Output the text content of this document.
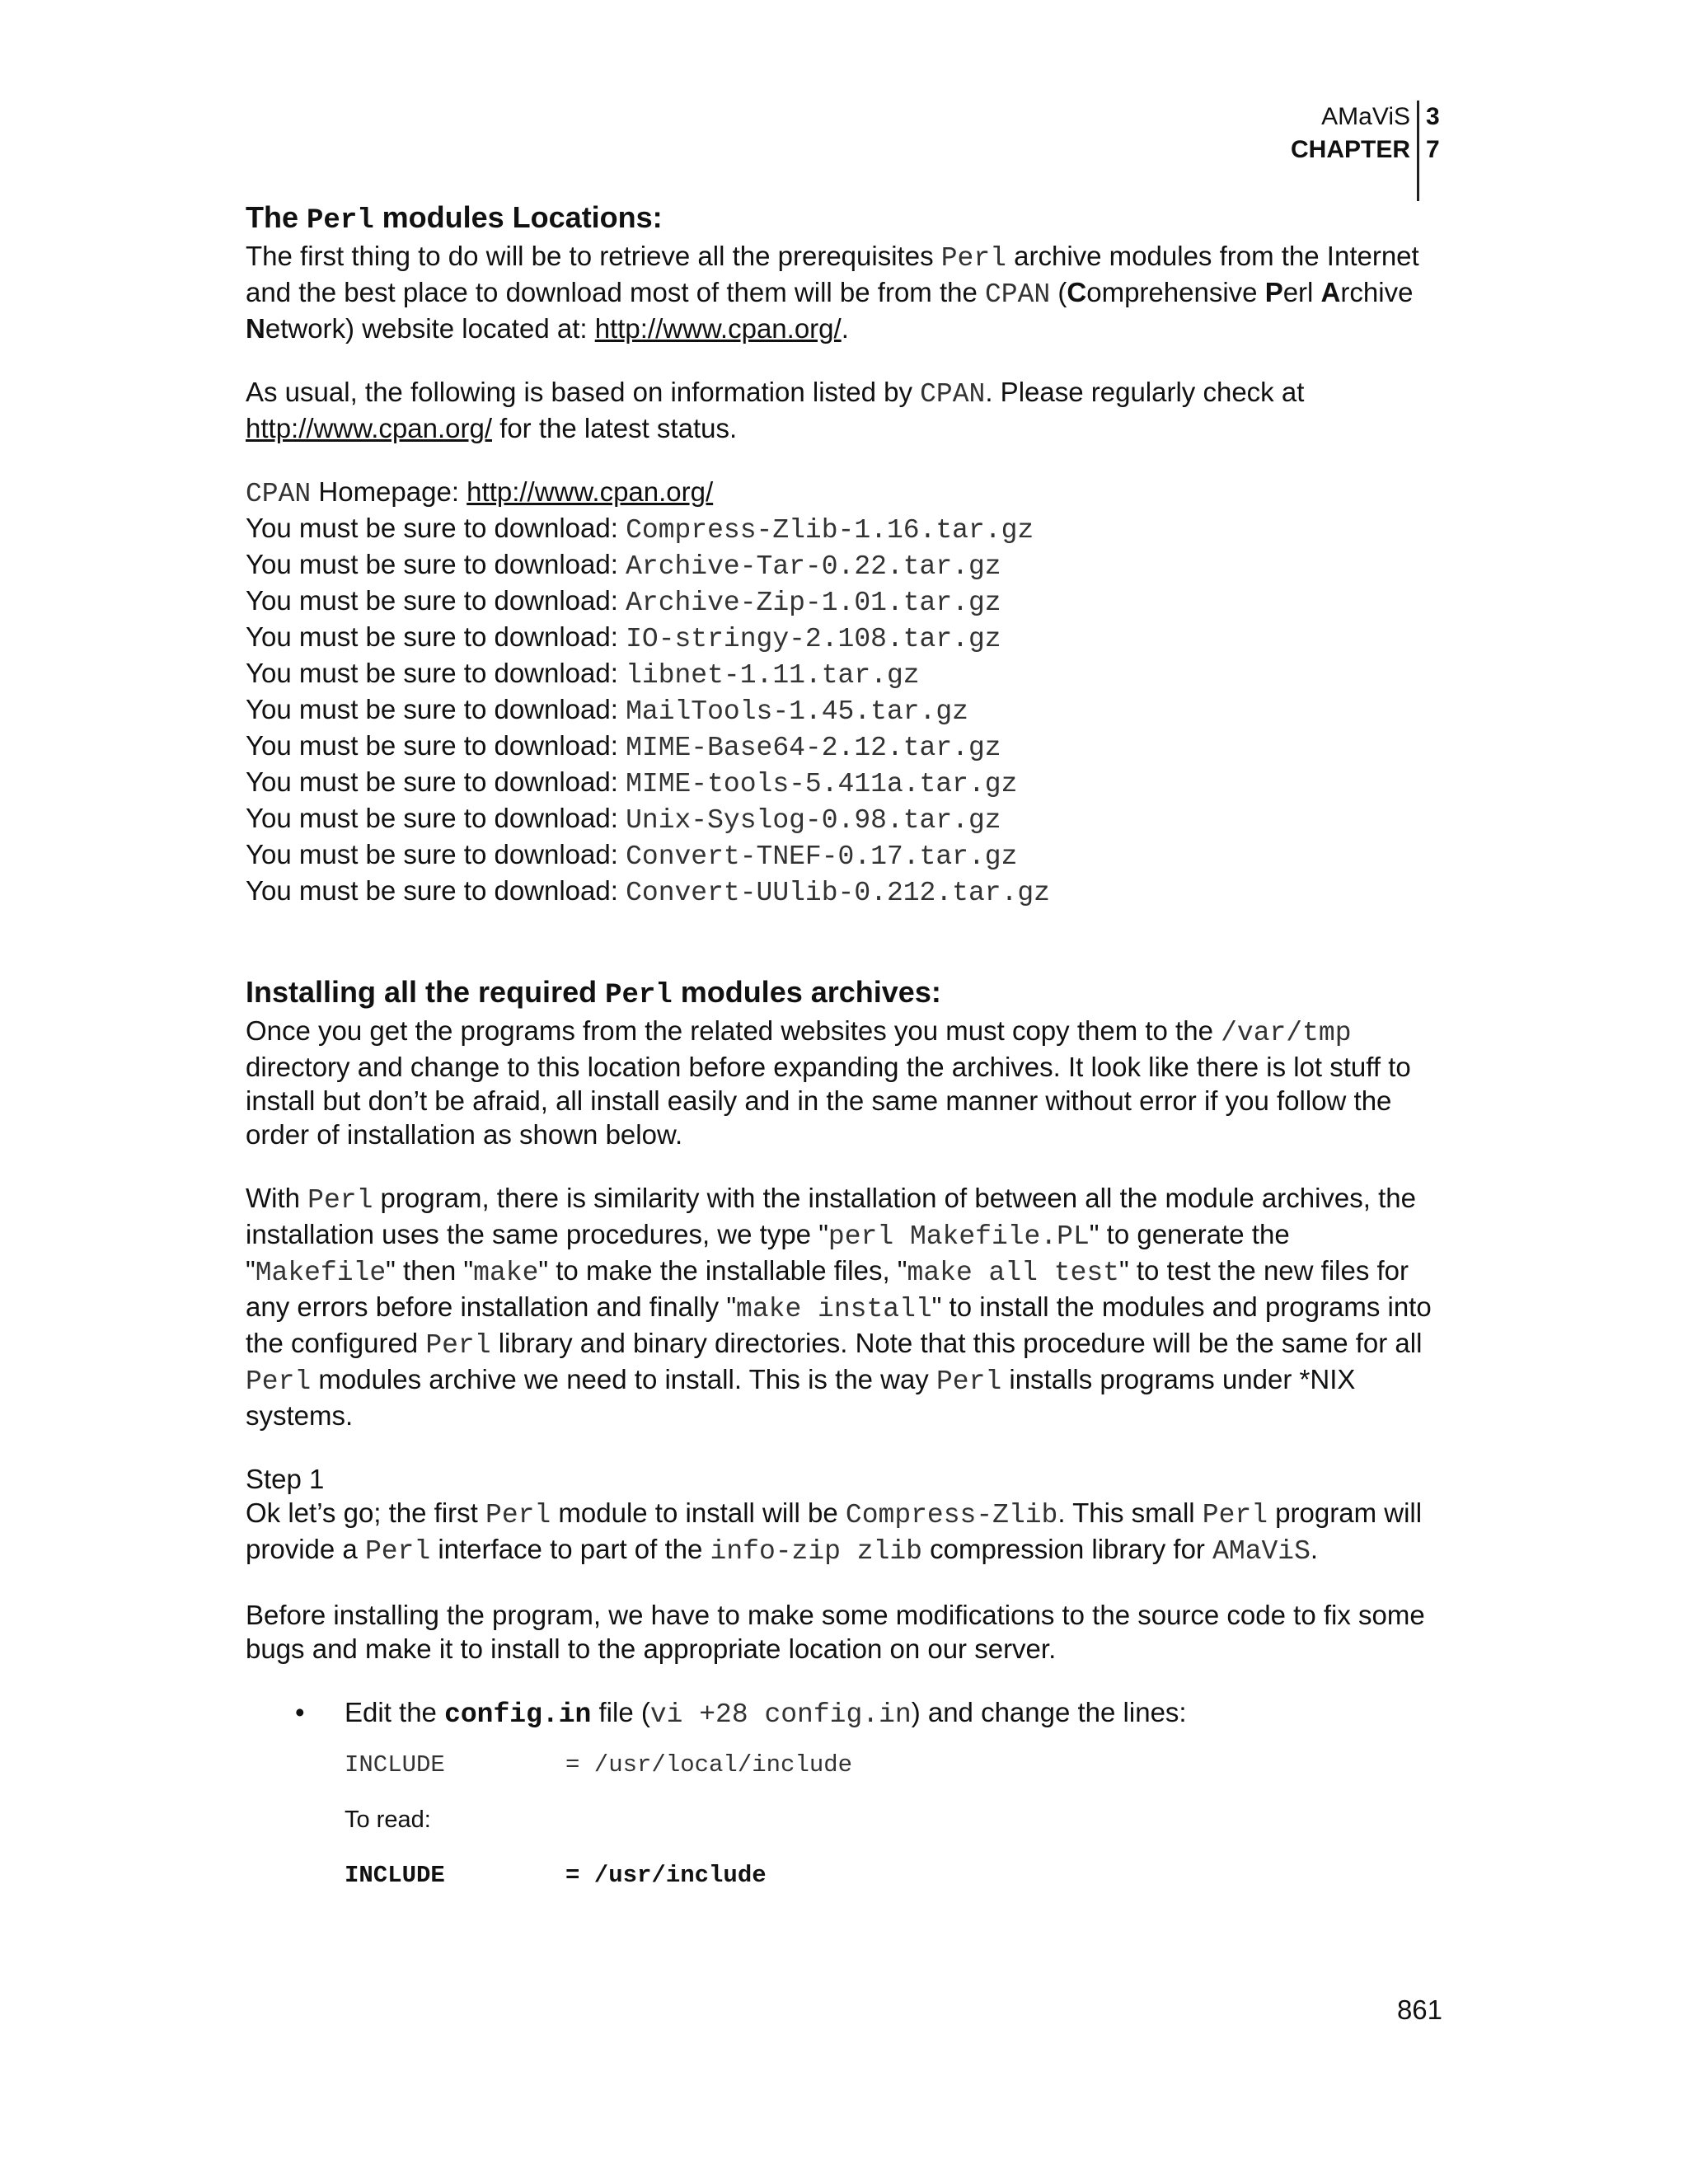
AMaViS 3
CHAPTER 7
The Perl modules Locations:

The first thing to do will be to retrieve all the prerequisites Perl archive modules from the Internet and the best place to download most of them will be from the CPAN (Comprehensive Perl Archive Network) website located at: http://www.cpan.org/.

As usual, the following is based on information listed by CPAN. Please regularly check at http://www.cpan.org/ for the latest status.

CPAN Homepage: http://www.cpan.org/

You must be sure to download: Compress-Zlib-1.16.tar.gz
You must be sure to download: Archive-Tar-0.22.tar.gz
You must be sure to download: Archive-Zip-1.01.tar.gz
You must be sure to download: IO-stringy-2.108.tar.gz
You must be sure to download: libnet-1.11.tar.gz
You must be sure to download: MailTools-1.45.tar.gz
You must be sure to download: MIME-Base64-2.12.tar.gz
You must be sure to download: MIME-tools-5.411a.tar.gz
You must be sure to download: Unix-Syslog-0.98.tar.gz
You must be sure to download: Convert-TNEF-0.17.tar.gz
You must be sure to download: Convert-UUlib-0.212.tar.gz
Installing all the required Perl modules archives:

Once you get the programs from the related websites you must copy them to the /var/tmp directory and change to this location before expanding the archives. It look like there is lot stuff to install but don’t be afraid, all install easily and in the same manner without error if you follow the order of installation as shown below.

With Perl program, there is similarity with the installation of between all the module archives, the installation uses the same procedures, we type "perl Makefile.PL" to generate the "Makefile" then "make" to make the installable files, "make all test" to test the new files for any errors before installation and finally "make install" to install the modules and programs into the configured Perl library and binary directories. Note that this procedure will be the same for all Perl modules archive we need to install. This is the way Perl installs programs under *NIX systems.

Step 1

Ok let’s go; the first Perl module to install will be Compress-Zlib. This small Perl program will provide a Perl interface to part of the info-zip zlib compression library for AMaViS.

Before installing the program, we have to make some modifications to the source code to fix some bugs and make it to install to the appropriate location on our server.

•	Edit the config.in file (vi +28 config.in) and change the lines:
INCLUDE	= /usr/local/include

To read:

INCLUDE	= /usr/include
861
